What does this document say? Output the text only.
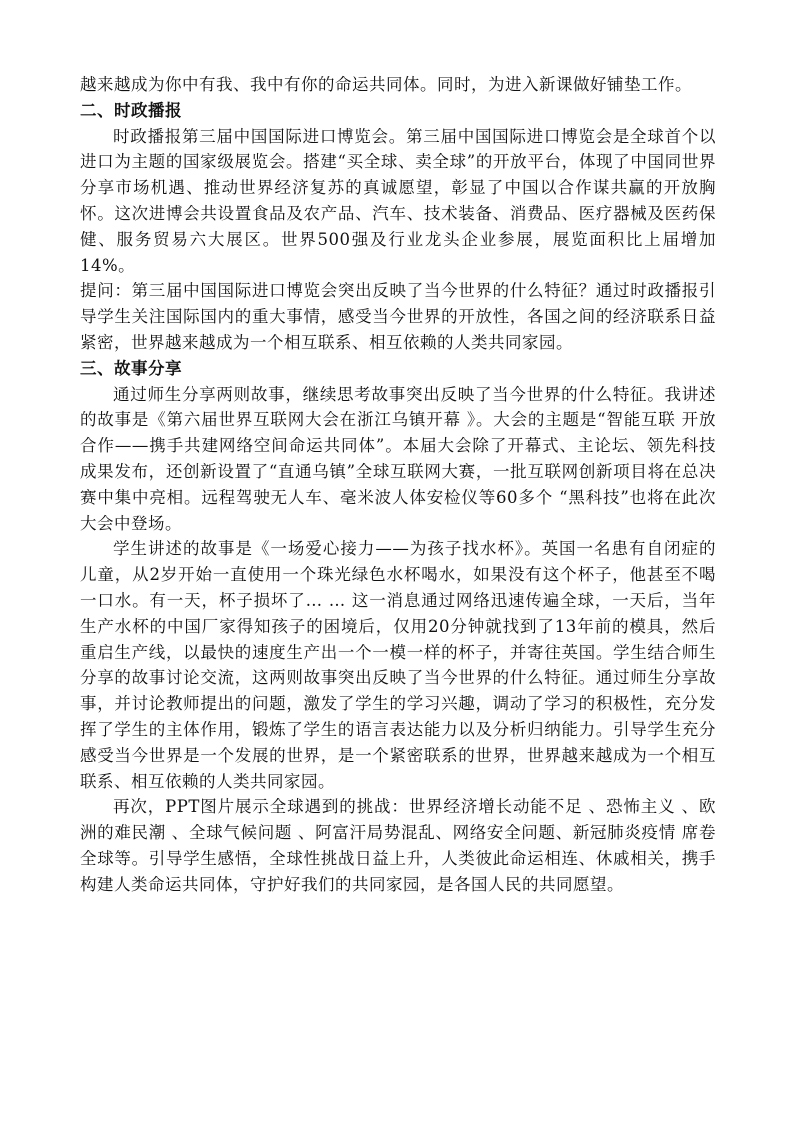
越来越成为你中有我、我中有你的命运共同体。同时，为进入新课做好铺垫工作。

二、时政播报

时政播报第三届中国国际进口博览会。第三届中国国际进口博览会是全球首个以进口为主题的国家级展览会。搭建“买全球、卖全球”的开放平台，体现了中国同世界分享市场机遇、推动世界经济复苏的真诚愿望，彰显了中国以合作谋共赢的开放胸怀。这次进博会共设置食品及农产品、汽车、技术装备、消费品、医疗器械及医药保健、服务贸易六大展区。世界500强及行业龙头企业参展，展览面积比上届增加14%。

提问：第三届中国国际进口博览会突出反映了当今世界的什么特征？通过时政播报引导学生关注国际国内的重大事情，感受当今世界的开放性，各国之间的经济联系日益紧密，世界越来越成为一个相互联系、相互依赖的人类共同家园。

三、故事分享

通过师生分享两则故事，继续思考故事突出反映了当今世界的什么特征。我讲述的故事是《第六届世界互联网大会在浙江乌镇开幕 》。大会的主题是“智能互联 开放合作——携手共建网络空间命运共同体”。本届大会除了开幕式、主论坛、领先科技成果发布，还创新设置了“直通乌镇”全球互联网大赛，一批互联网创新项目将在总决赛中集中亮相。远程驾驶无人车、毫米波人体安检仪等60多个 “黑科技”也将在此次大会中登场。

学生讲述的故事是《一场爱心接力——为孩子找水杯》。英国一名患有自闭症的儿童，从2岁开始一直使用一个珠光绿色水杯喝水，如果没有这个杯子，他甚至不喝一口水。有一天，杯子损坏了… … 这一消息通过网络迅速传遍全球，一天后，当年生产水杯的中国厂家得知孩子的困境后，仅用20分钟就找到了13年前的模具，然后重启生产线，以最快的速度生产出一个一模一样的杯子，并寄往英国。学生结合师生分享的故事讨论交流，这两则故事突出反映了当今世界的什么特征。通过师生分享故事，并讨论教师提出的问题，激发了学生的学习兴趣，调动了学习的积极性，充分发挥了学生的主体作用，锻炼了学生的语言表达能力以及分析归纳能力。引导学生充分感受当今世界是一个发展的世界，是一个紧密联系的世界，世界越来越成为一个相互联系、相互依赖的人类共同家园。

再次，PPT图片展示全球遇到的挑战：世界经济增长动能不足 、恐怖主义 、欧洲的难民潮 、全球气候问题 、阿富汗局势混乱、网络安全问题、新冠肺炎疫情 席卷全球等。引导学生感悟，全球性挑战日益上升，人类彼此命运相连、休戚相关，携手构建人类命运共同体，守护好我们的共同家园，是各国人民的共同愿望。
